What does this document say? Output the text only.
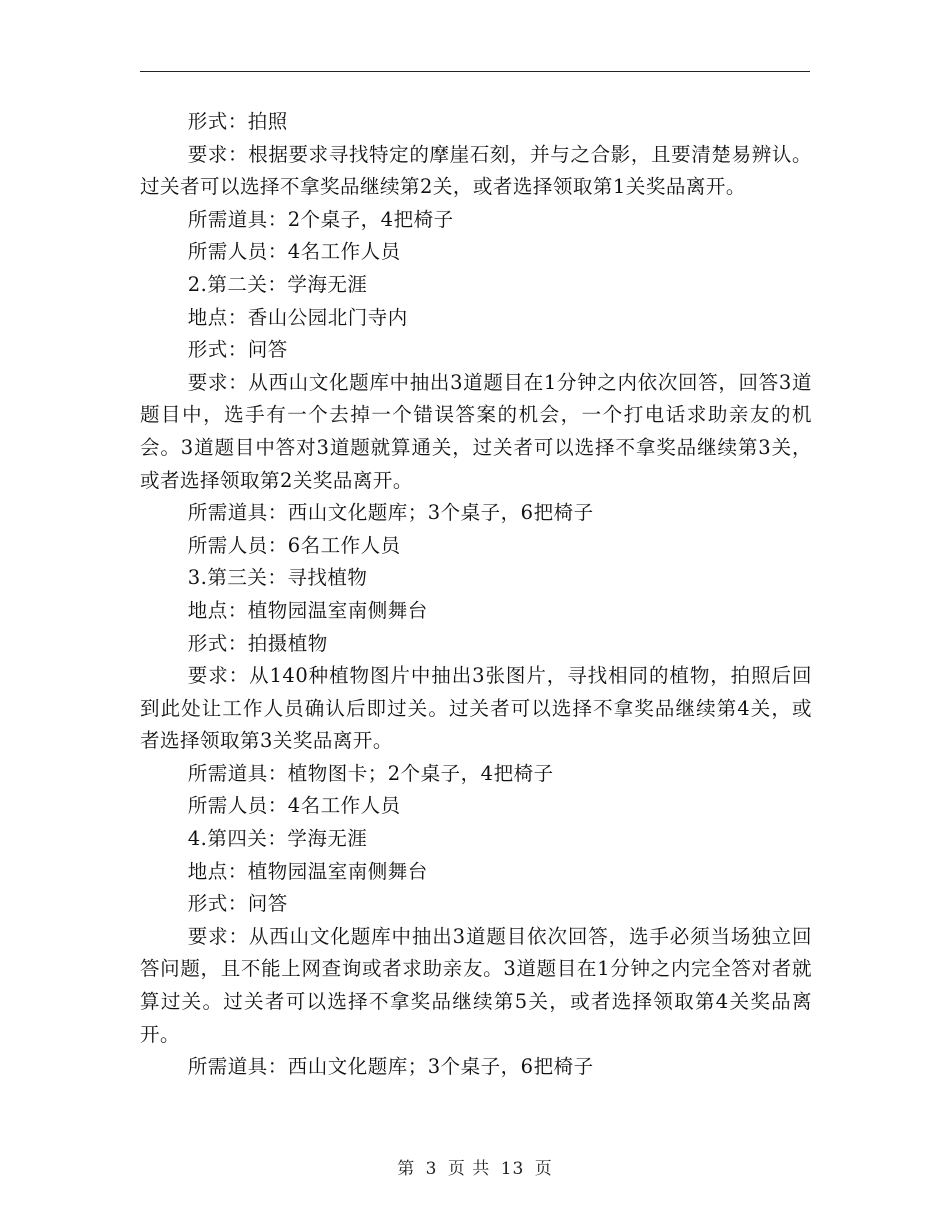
形式：拍照

要求：根据要求寻找特定的摩崖石刻，并与之合影，且要清楚易辨认。过关者可以选择不拿奖品继续第2关，或者选择领取第1关奖品离开。

所需道具：2个桌子，4把椅子

所需人员：4名工作人员

2.第二关：学海无涯

地点：香山公园北门寺内

形式：问答

要求：从西山文化题库中抽出3道题目在1分钟之内依次回答，回答3道题目中，选手有一个去掉一个错误答案的机会，一个打电话求助亲友的机会。3道题目中答对3道题就算通关，过关者可以选择不拿奖品继续第3关，或者选择领取第2关奖品离开。

所需道具：西山文化题库；3个桌子，6把椅子

所需人员：6名工作人员

3.第三关：寻找植物

地点：植物园温室南侧舞台

形式：拍摄植物

要求：从140种植物图片中抽出3张图片，寻找相同的植物，拍照后回到此处让工作人员确认后即过关。过关者可以选择不拿奖品继续第4关，或者选择领取第3关奖品离开。

所需道具：植物图卡；2个桌子，4把椅子

所需人员：4名工作人员

4.第四关：学海无涯

地点：植物园温室南侧舞台

形式：问答

要求：从西山文化题库中抽出3道题目依次回答，选手必须当场独立回答问题，且不能上网查询或者求助亲友。3道题目在1分钟之内完全答对者就算过关。过关者可以选择不拿奖品继续第5关，或者选择领取第4关奖品离开。

所需道具：西山文化题库；3个桌子，6把椅子

第 3 页 共 13 页
